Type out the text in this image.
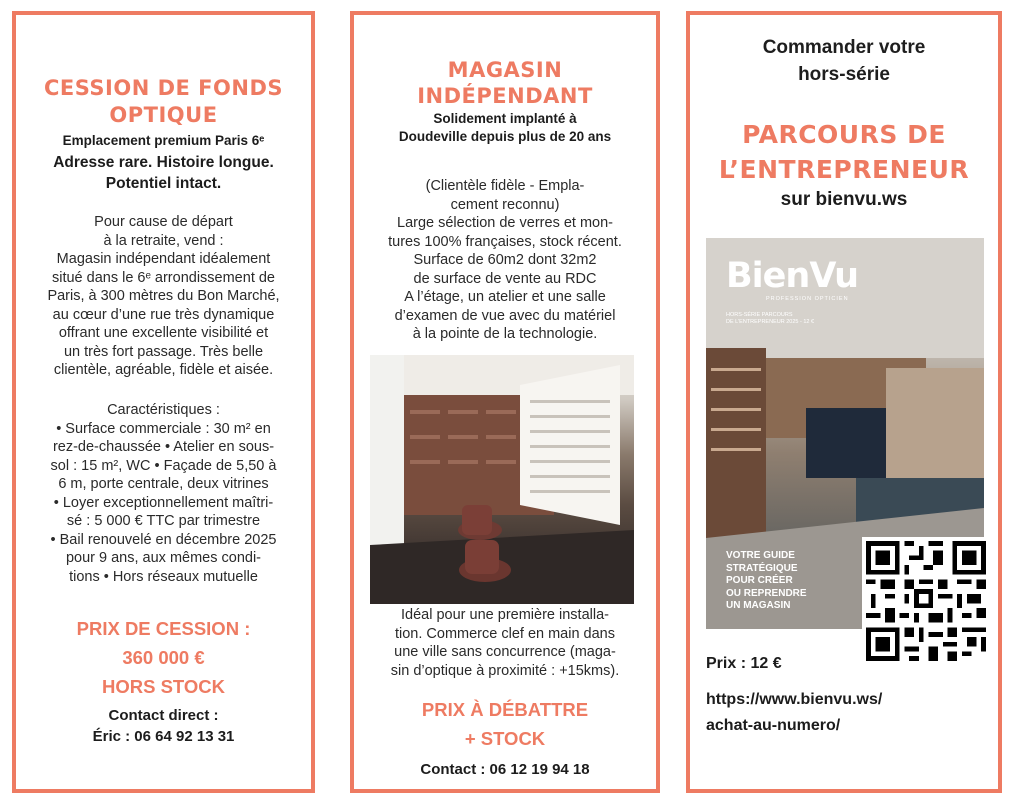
CESSION DE FONDS OPTIQUE
Emplacement premium Paris 6ᵉ
Adresse rare. Histoire longue.
Potentiel intact.
Pour cause de départ
à la retraite, vend :
Magasin indépendant idéalement
situé dans le 6ᵉ arrondissement de
Paris, à 300 mètres du Bon Marché,
au cœur d’une rue très dynamique
offrant une excellente visibilité et
un très fort passage. Très belle
clientèle, agréable, fidèle et aisée.
Caractéristiques :
• Surface commerciale : 30 m² en
rez-de-chaussée • Atelier en sous-
sol : 15 m², WC • Façade de 5,50 à
6 m, porte centrale, deux vitrines
• Loyer exceptionnellement maîtri-
sé : 5 000 € TTC par trimestre
• Bail renouvelé en décembre 2025
pour 9 ans, aux mêmes condi-
tions • Hors réseaux mutuelle
PRIX DE CESSION :
360 000 €
HORS STOCK
Contact direct :
Éric : 06 64 92 13 31
MAGASIN
INDÉPENDANT
Solidement implanté à
Doudeville depuis plus de 20 ans
(Clientèle fidèle - Empla-
cement reconnu)
Large sélection de verres et mon-
tures 100% françaises, stock récent.
Surface de 60m2 dont 32m2
de surface de vente au RDC
A l’étage, un atelier et une salle
d’examen de vue avec du matériel
à la pointe de la technologie.
Idéal pour une première installa-
tion. Commerce clef en main dans
une ville sans concurrence (maga-
sin d’optique à proximité : +15kms).
PRIX À DÉBATTRE
+ STOCK
Contact : 06 12 19 94 18
Commander votre
hors-série
PARCOURS DE
L’ENTREPRENEUR
sur bienvu.ws
BienVu
PROFESSION OPTICIEN
HORS-SÉRIE PARCOURS
DE L’ENTREPRENEUR 2025 - 12 €
VOTRE GUIDE
STRATÉGIQUE
POUR CRÉER
OU REPRENDRE
UN MAGASIN
Prix : 12 €
https://www.bienvu.ws/
achat-au-numero/
